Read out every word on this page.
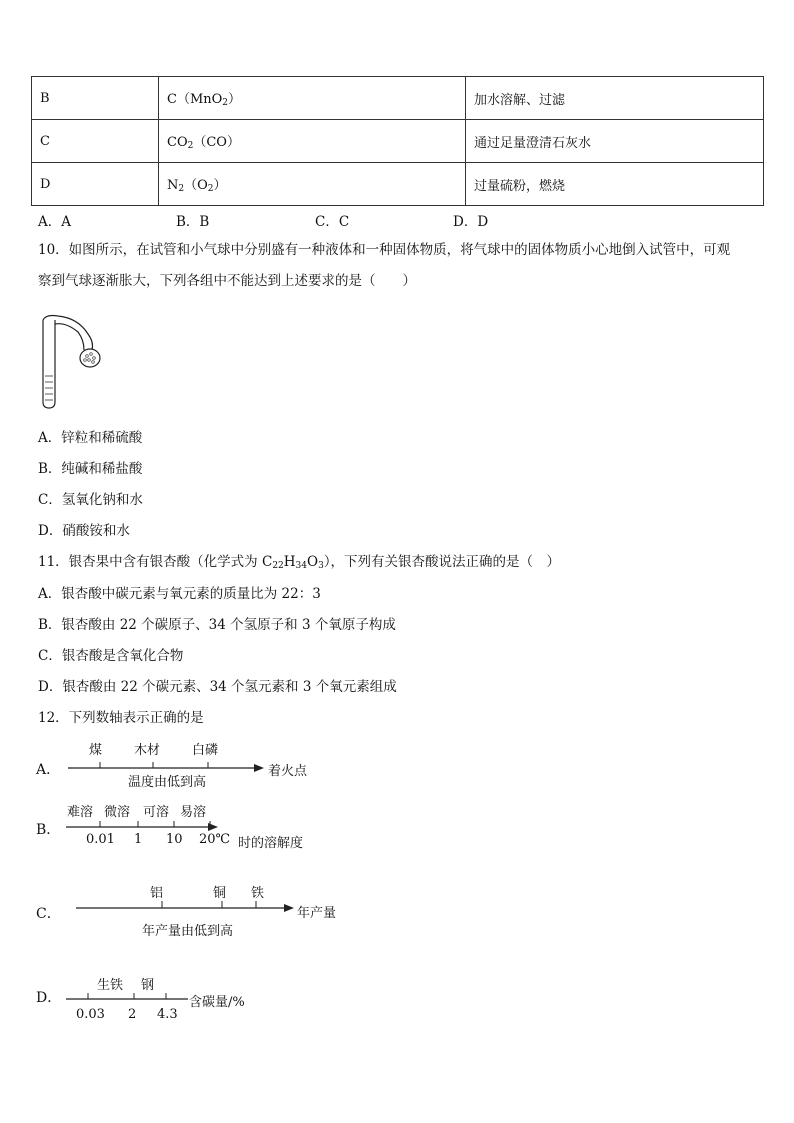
B	C（MnO$_2$）	加水溶解、过滤
C	$CO_2(CO)$	通过足量澄清石灰水
D	$N_2(O_2)$	过量硫粉，燃烧
A．A	B．B	C．C	D．D
10．如图所示，在试管和小气球中分别盛有一种液体和一种固体物质，将气球中的固体物质小心地倒入试管中，可观
察到气球逐渐胀大，下列各组中不能达到上述要求的是（　　）
A．锌粒和稀硫酸
B．纯碱和稀盐酸
C．氢氧化钠和水
D．硝酸铵和水
11．银杏果中含有银杏酸（化学式为 $C_{22}H_{34}O_3$），下列有关银杏酸说法正确的是（　）
A．银杏酸中碳元素与氧元素的质量比为 22：3
B．银杏酸由 22 个碳原子、34 个氢原子和 3 个氧原子构成
C．银杏酸是含氧化合物
D．银杏酸由 22 个碳元素、34 个氢元素和 3 个氧元素组成
12．下列数轴表示正确的是
A．
煤 木材 白磷
着火点
温度由低到高
B．
难溶 微溶 可溶 易溶
0.01 1 10 20℃ 时的溶解度
C．
铝	铜 铁
年产量
年产量由低到高
D．
生铁 钢
0.03 2 4.3
含碳量/%
